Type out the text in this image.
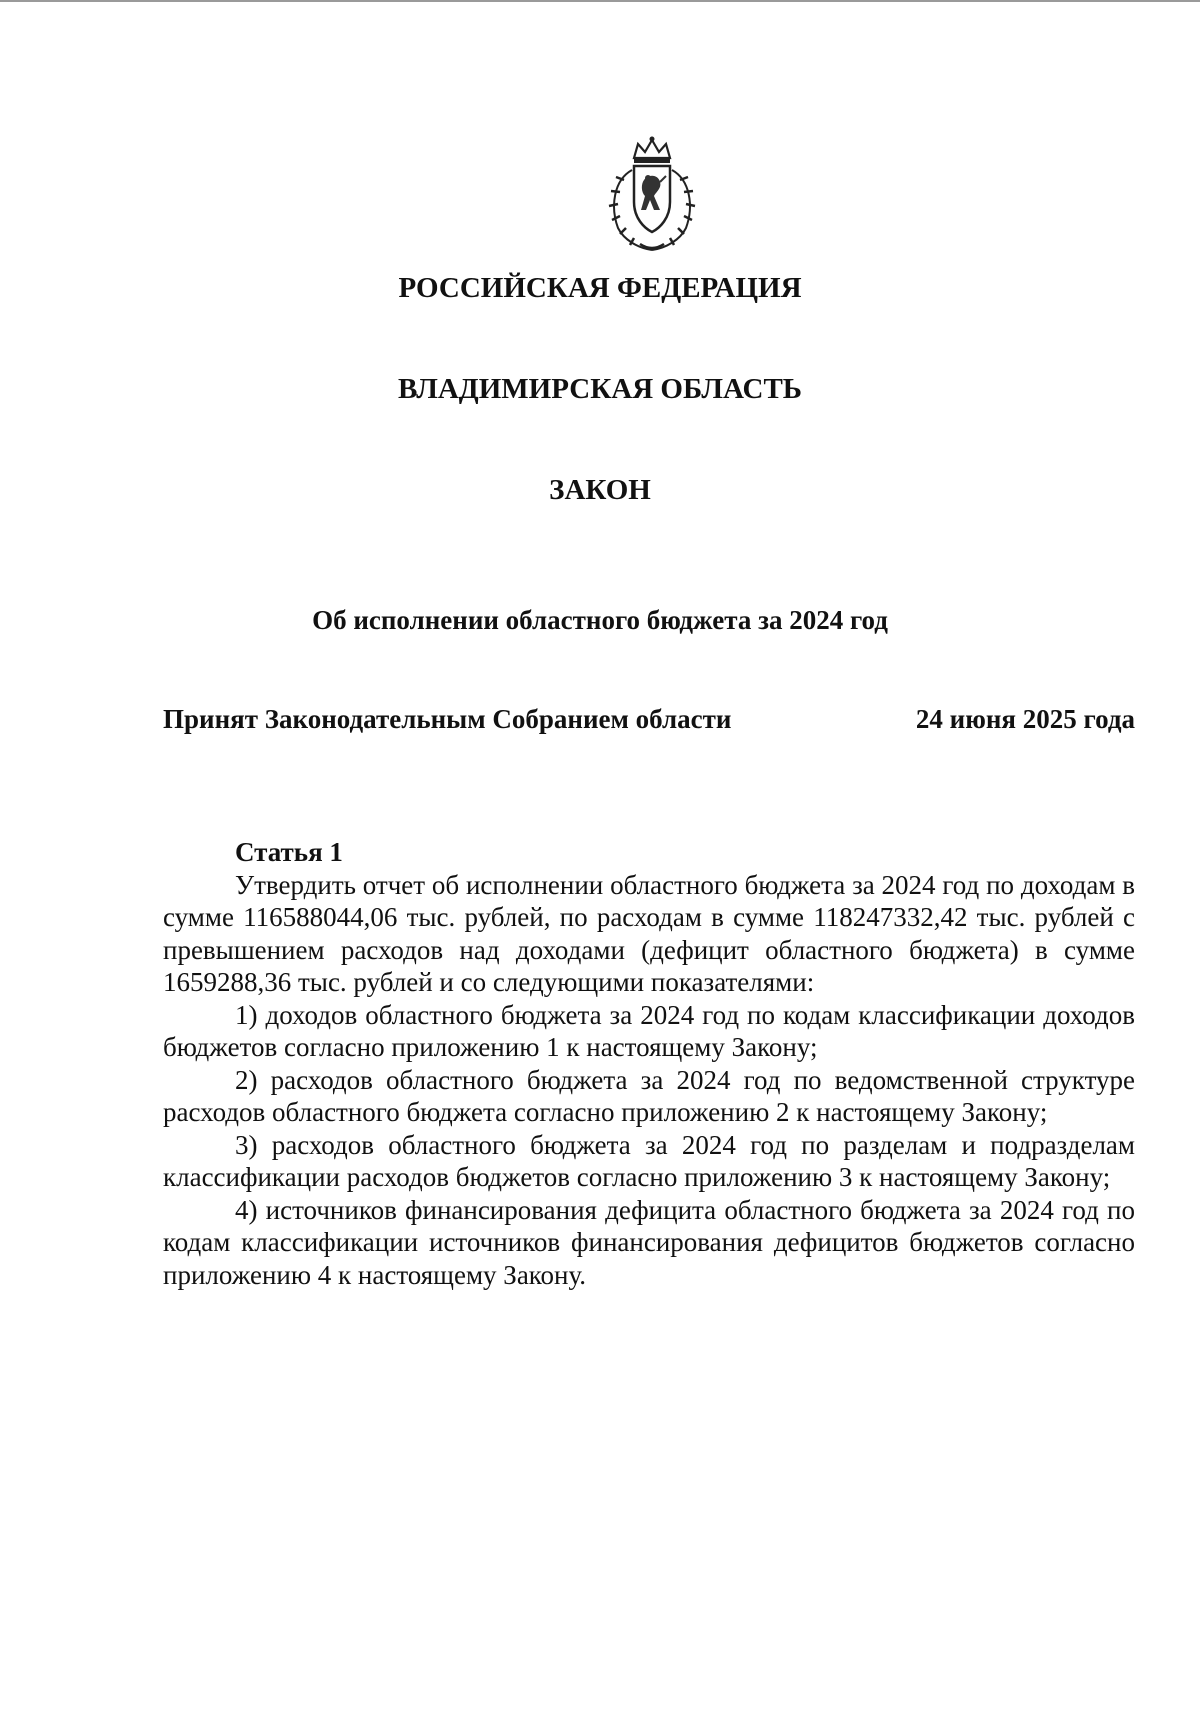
РОССИЙСКАЯ ФЕДЕРАЦИЯ
ВЛАДИМИРСКАЯ ОБЛАСТЬ
ЗАКОН
Об исполнении областного бюджета за 2024 год
Принят Законодательным Собранием области	24 июня 2025 года
Статья 1

Утвердить отчет об исполнении областного бюджета за 2024 год по доходам в сумме 116588044,06 тыс. рублей, по расходам в сумме 118247332,42 тыс. рублей с превышением расходов над доходами (дефицит областного бюджета) в сумме 1659288,36 тыс. рублей и со следующими показателями:

1) доходов областного бюджета за 2024 год по кодам классификации доходов бюджетов согласно приложению 1 к настоящему Закону;

2) расходов областного бюджета за 2024 год по ведомственной структуре расходов областного бюджета согласно приложению 2 к настоящему Закону;

3) расходов областного бюджета за 2024 год по разделам и подразделам классификации расходов бюджетов согласно приложению 3 к настоящему Закону;

4) источников финансирования дефицита областного бюджета за 2024 год по кодам классификации источников финансирования дефицитов бюджетов согласно приложению 4 к настоящему Закону.
